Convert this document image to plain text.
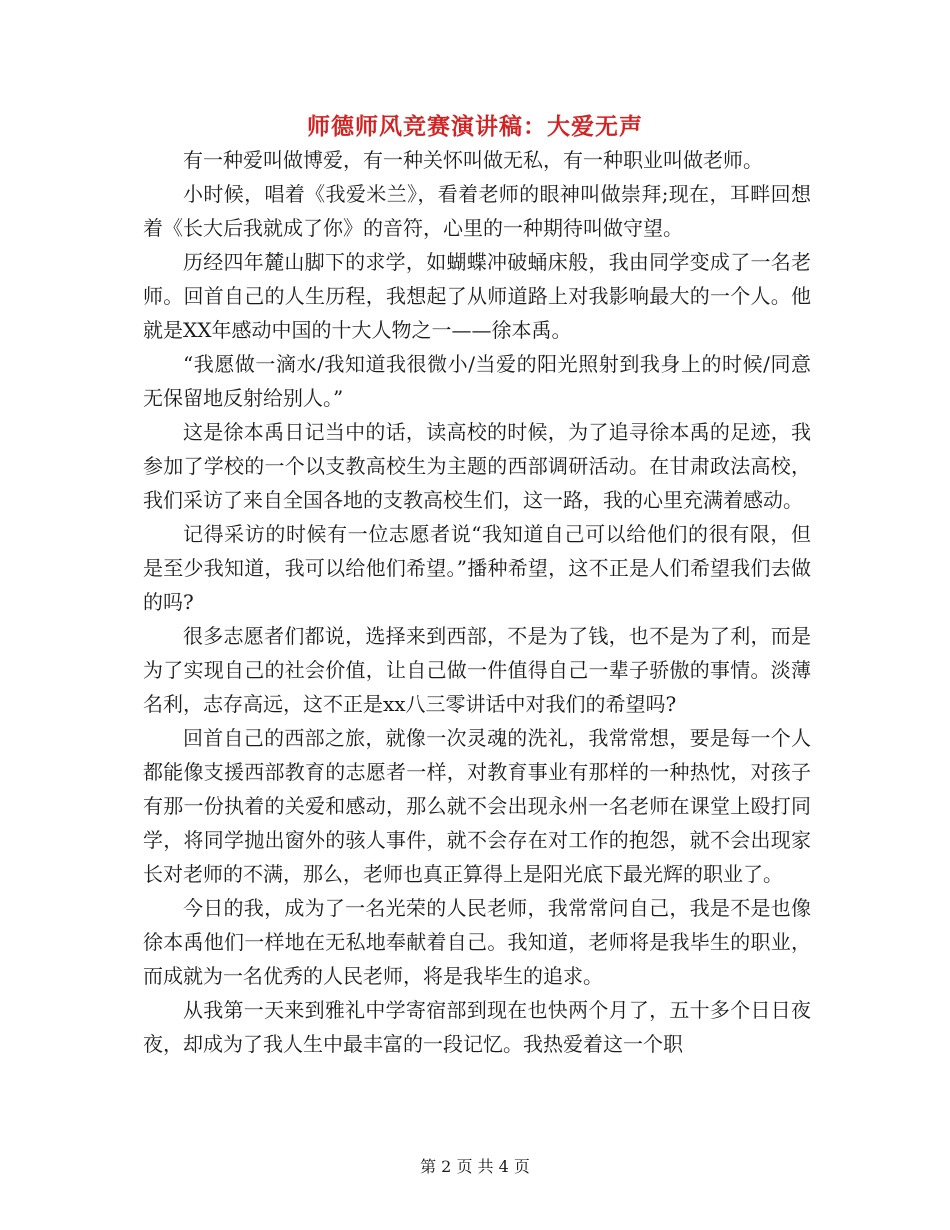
师德师风竞赛演讲稿：大爱无声

有一种爱叫做博爱，有一种关怀叫做无私，有一种职业叫做老师。

小时候，唱着《我爱米兰》，看着老师的眼神叫做崇拜;现在，耳畔回想着《长大后我就成了你》的音符，心里的一种期待叫做守望。

历经四年麓山脚下的求学，如蝴蝶冲破蛹床般，我由同学变成了一名老师。回首自己的人生历程，我想起了从师道路上对我影响最大的一个人。他就是XX年感动中国的十大人物之一——徐本禹。

“我愿做一滴水/我知道我很微小/当爱的阳光照射到我身上的时候/同意无保留地反射给别人。”

这是徐本禹日记当中的话，读高校的时候，为了追寻徐本禹的足迹，我参加了学校的一个以支教高校生为主题的西部调研活动。在甘肃政法高校，我们采访了来自全国各地的支教高校生们，这一路，我的心里充满着感动。

记得采访的时候有一位志愿者说“我知道自己可以给他们的很有限，但是至少我知道，我可以给他们希望。”播种希望，这不正是人们希望我们去做的吗?

很多志愿者们都说，选择来到西部，不是为了钱，也不是为了利，而是为了实现自己的社会价值，让自己做一件值得自己一辈子骄傲的事情。淡薄名利，志存高远，这不正是xx八三零讲话中对我们的希望吗?

回首自己的西部之旅，就像一次灵魂的洗礼，我常常想，要是每一个人都能像支援西部教育的志愿者一样，对教育事业有那样的一种热忱，对孩子有那一份执着的关爱和感动，那么就不会出现永州一名老师在课堂上殴打同学，将同学抛出窗外的骇人事件，就不会存在对工作的抱怨，就不会出现家长对老师的不满，那么，老师也真正算得上是阳光底下最光辉的职业了。

今日的我，成为了一名光荣的人民老师，我常常问自己，我是不是也像徐本禹他们一样地在无私地奉献着自己。我知道，老师将是我毕生的职业，而成就为一名优秀的人民老师，将是我毕生的追求。

从我第一天来到雅礼中学寄宿部到现在也快两个月了，五十多个日日夜夜，却成为了我人生中最丰富的一段记忆。我热爱着这一个职

第 2 页 共 4 页
